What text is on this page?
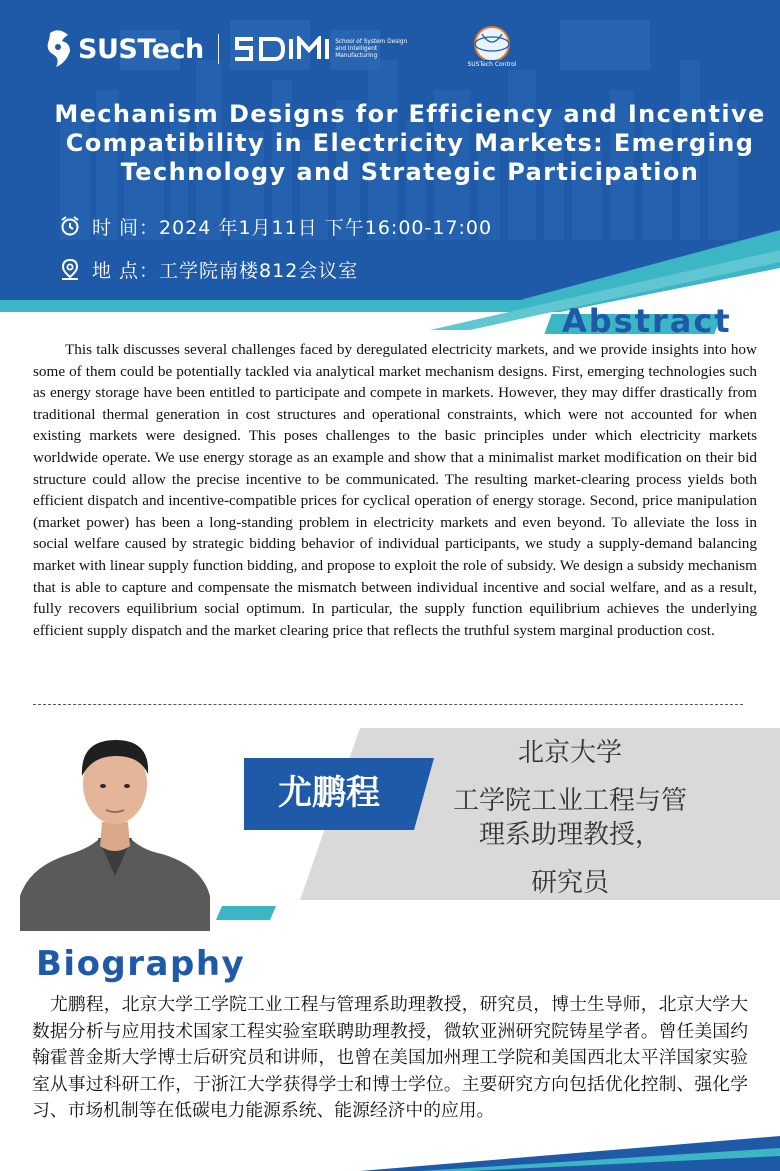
SUSTech	School of System Design and Intelligent Manufacturing
SUSTech Control
Mechanism Designs for Efficiency and Incentive Compatibility in Electricity Markets: Emerging Technology and Strategic Participation
时 间： 2024 年1月11日 下午16:00-17:00
地 点： 工学院南楼812会议室
Abstract

This talk discusses several challenges faced by deregulated electricity markets, and we provide insights into how some of them could be potentially tackled via analytical market mechanism designs. First, emerging technologies such as energy storage have been entitled to participate and compete in markets. However, they may differ drastically from traditional thermal generation in cost structures and operational constraints, which were not accounted for when existing markets were designed. This poses challenges to the basic principles under which electricity markets worldwide operate. We use energy storage as an example and show that a minimalist market modification on their bid structure could allow the precise incentive to be communicated. The resulting market-clearing process yields both efficient dispatch and incentive-compatible prices for cyclical operation of energy storage. Second, price manipulation (market power) has been a long-standing problem in electricity markets and even beyond. To alleviate the loss in social welfare caused by strategic bidding behavior of individual participants, we study a supply-demand balancing market with linear supply function bidding, and propose to exploit the role of subsidy. We design a subsidy mechanism that is able to capture and compensate the mismatch between individual incentive and social welfare, and as a result, fully recovers equilibrium social optimum. In particular, the supply function equilibrium achieves the underlying efficient supply dispatch and the market clearing price that reflects the truthful system marginal production cost.

尤鹏程
北京大学
工学院工业工程与管
理系助理教授，
研究员
Biography

尤鹏程，北京大学工学院工业工程与管理系助理教授，研究员，博士生导师，北京大学大数据分析与应用技术国家工程实验室联聘助理教授，微软亚洲研究院铸星学者。曾任美国约翰霍普金斯大学博士后研究员和讲师，也曾在美国加州理工学院和美国西北太平洋国家实验室从事过科研工作，于浙江大学获得学士和博士学位。主要研究方向包括优化控制、强化学习、市场机制等在低碳电力能源系统、能源经济中的应用。
